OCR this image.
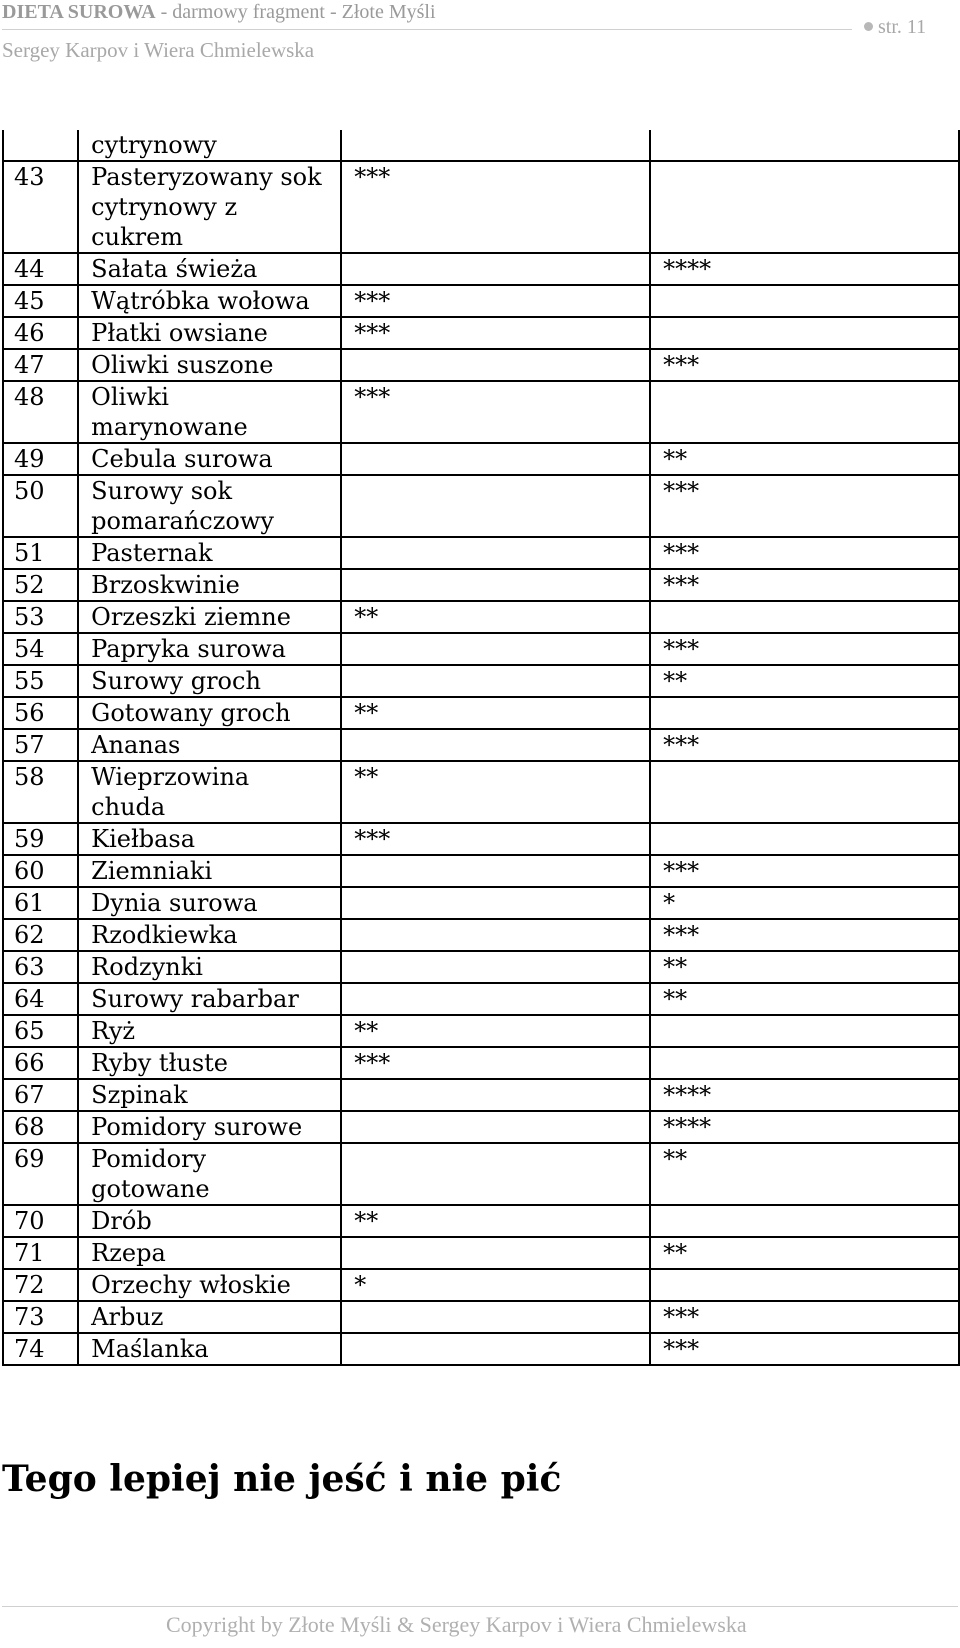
DIETA SUROWA - darmowy fragment - Złote Myśli
str. 11
Sergey Karpov i Wiera Chmielewska
	cytrynowy		
43	Pasteryzowany sok cytrynowy z cukrem	***	
44	Sałata świeża		****
45	Wątróbka wołowa	***	
46	Płatki owsiane	***	
47	Oliwki suszone		***
48	Oliwki marynowane	***	
49	Cebula surowa		**
50	Surowy sok pomarańczowy		***
51	Pasternak		***
52	Brzoskwinie		***
53	Orzeszki ziemne	**	
54	Papryka surowa		***
55	Surowy groch		**
56	Gotowany groch	**	
57	Ananas		***
58	Wieprzowina chuda	**	
59	Kiełbasa	***	
60	Ziemniaki		***
61	Dynia surowa		*
62	Rzodkiewka		***
63	Rodzynki		**
64	Surowy rabarbar		**
65	Ryż	**	
66	Ryby tłuste	***	
67	Szpinak		****
68	Pomidory surowe		****
69	Pomidory gotowane		**
70	Drób	**	
71	Rzepa		**
72	Orzechy włoskie	*	
73	Arbuz		***
74	Maślanka		***
Tego lepiej nie jeść i nie pić
Copyright by Złote Myśli & Sergey Karpov i Wiera Chmielewska
